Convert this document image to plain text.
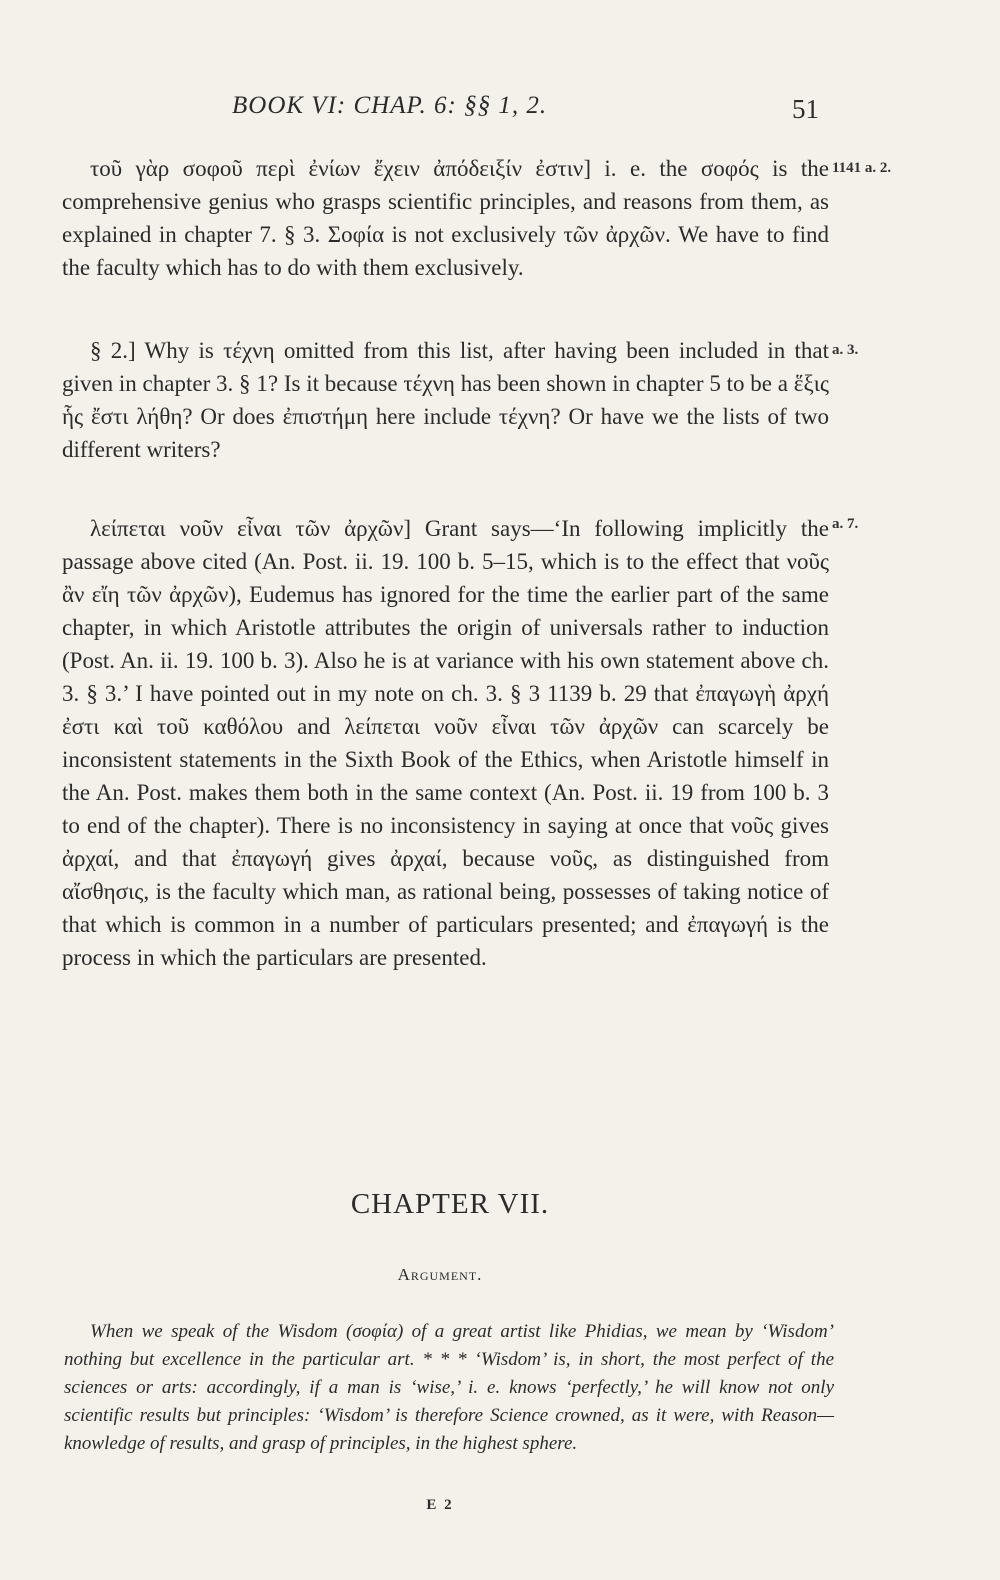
BOOK VI: CHAP. 6: §§ 1, 2.	51
1141 a. 2.
a. 3.
a. 7.

τοῦ γὰρ σοφοῦ περὶ ἐνίων ἔχειν ἀπόδειξίν ἐστιν] i. e. the σοφός is the comprehensive genius who grasps scientific principles, and reasons from them, as explained in chapter 7. § 3. Σοφία is not exclusively τῶν ἀρχῶν. We have to find the faculty which has to do with them exclusively.

§ 2.] Why is τέχνη omitted from this list, after having been included in that given in chapter 3. § 1? Is it because τέχνη has been shown in chapter 5 to be a ἕξις ἧς ἔστι λήθη? Or does ἐπιστήμη here include τέχνη? Or have we the lists of two different writers?

λείπεται νοῦν εἶναι τῶν ἀρχῶν] Grant says—‘In following implicitly the passage above cited (An. Post. ii. 19. 100 b. 5–15, which is to the effect that νοῦς ἂν εἴη τῶν ἀρχῶν), Eudemus has ignored for the time the earlier part of the same chapter, in which Aristotle attributes the origin of universals rather to induction (Post. An. ii. 19. 100 b. 3). Also he is at variance with his own statement above ch. 3. § 3.’ I have pointed out in my note on ch. 3. § 3 1139 b. 29 that ἐπαγωγὴ ἀρχή ἐστι καὶ τοῦ καθόλου and λείπεται νοῦν εἶναι τῶν ἀρχῶν can scarcely be inconsistent statements in the Sixth Book of the Ethics, when Aristotle himself in the An. Post. makes them both in the same context (An. Post. ii. 19 from 100 b. 3 to end of the chapter). There is no inconsistency in saying at once that νοῦς gives ἀρχαί, and that ἐπαγωγή gives ἀρχαί, because νοῦς, as distinguished from αἴσθησις, is the faculty which man, as rational being, possesses of taking notice of that which is common in a number of particulars presented; and ἐπαγωγή is the process in which the particulars are presented.

CHAPTER VII.
Argument.

When we speak of the Wisdom (σοφία) of a great artist like Phidias, we mean by ‘Wisdom’ nothing but excellence in the particular art. * * * ‘Wisdom’ is, in short, the most perfect of the sciences or arts: accordingly, if a man is ‘wise,’ i. e. knows ‘perfectly,’ he will know not only scientific results but principles: ‘Wisdom’ is therefore Science crowned, as it were, with Reason—knowledge of results, and grasp of principles, in the highest sphere.

E 2
